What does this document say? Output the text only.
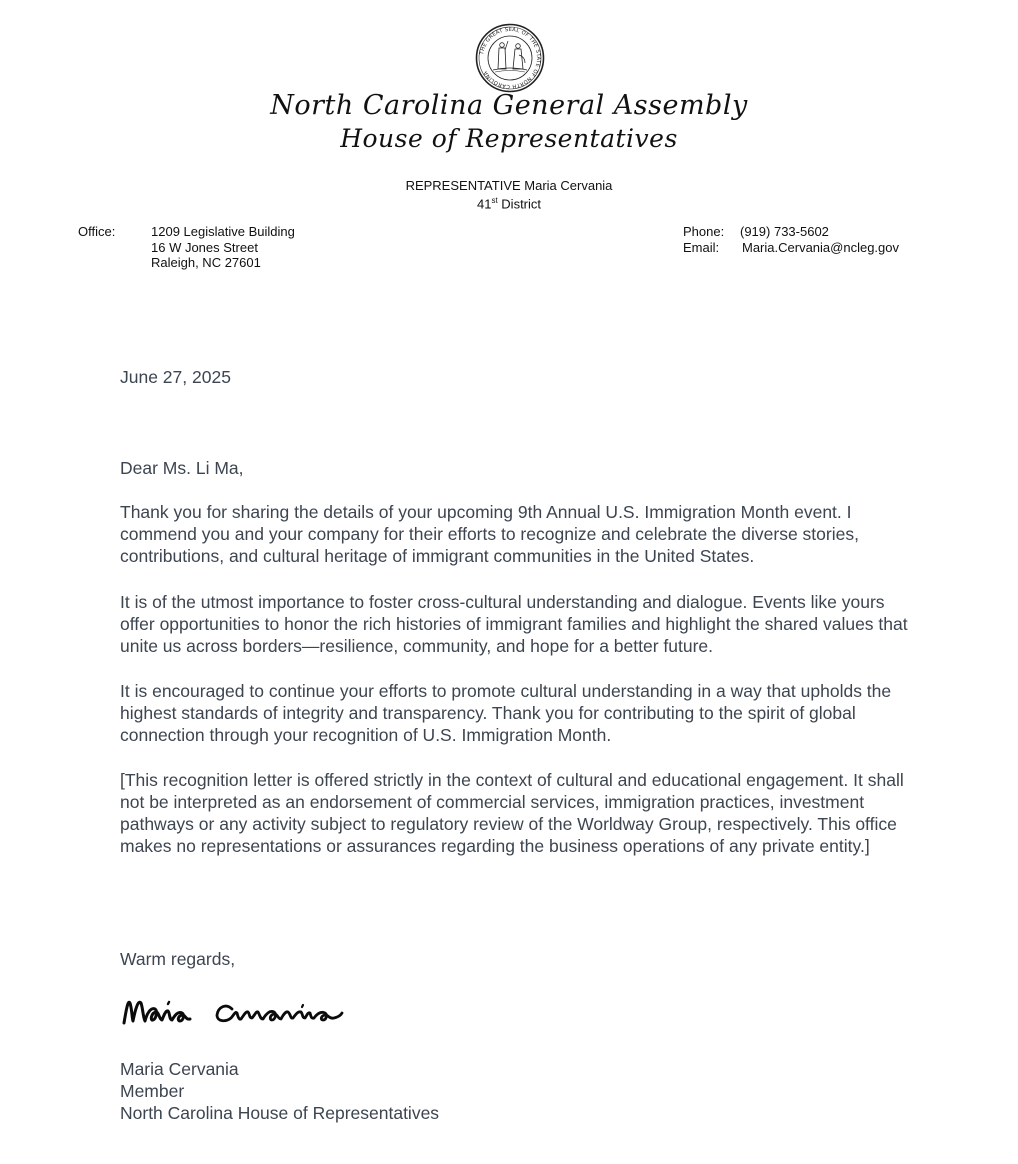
THE GREAT SEAL OF THE STATE OF NORTH CAROLINA
North Carolina General Assembly
House of Representatives
REPRESENTATIVE Maria Cervania
41st District
Office:	1209 Legislative Building
16 W Jones Street
Raleigh, NC 27601
Phone: (919) 733-5602
Email: Maria.Cervania@ncleg.gov
June 27, 2025
Dear Ms. Li Ma,
Thank you for sharing the details of your upcoming 9th Annual U.S. Immigration Month event. I commend you and your company for their efforts to recognize and celebrate the diverse stories, contributions, and cultural heritage of immigrant communities in the United States.
It is of the utmost importance to foster cross-cultural understanding and dialogue. Events like yours offer opportunities to honor the rich histories of immigrant families and highlight the shared values that unite us across borders—resilience, community, and hope for a better future.
It is encouraged to continue your efforts to promote cultural understanding in a way that upholds the highest standards of integrity and transparency. Thank you for contributing to the spirit of global connection through your recognition of U.S. Immigration Month.
[This recognition letter is offered strictly in the context of cultural and educational engagement. It shall not be interpreted as an endorsement of commercial services, immigration practices, investment pathways or any activity subject to regulatory review of the Worldway Group, respectively. This office makes no representations or assurances regarding the business operations of any private entity.]
Warm regards,
Maria Cervania
Member
North Carolina House of Representatives
